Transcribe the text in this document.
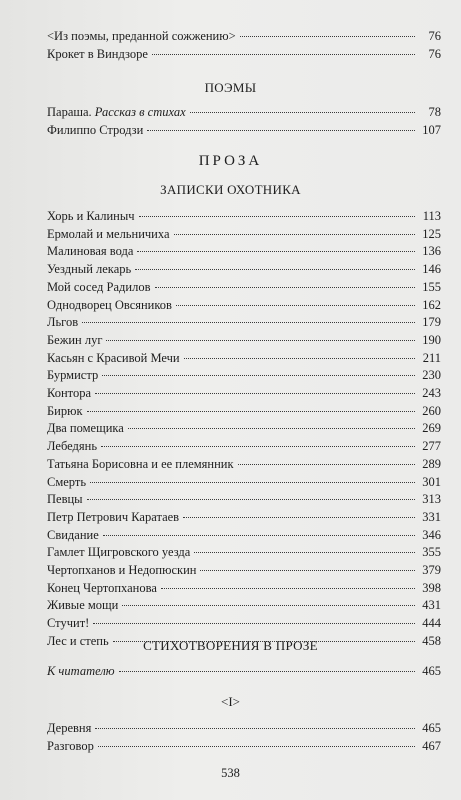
<Из поэмы, преданной сожжению>	76
Крокет в Виндзоре	76
ПОЭМЫ
Параша. Рассказ в стихах	78
Филиппо Стродзи	107
ПРОЗА
ЗАПИСКИ ОХОТНИКА
Хорь и Калиныч	113
Ермолай и мельничиха	125
Малиновая вода	136
Уездный лекарь	146
Мой сосед Радилов	155
Однодворец Овсяников	162
Льгов	179
Бежин луг	190
Касьян с Красивой Мечи	211
Бурмистр	230
Контора	243
Бирюк	260
Два помещика	269
Лебедянь	277
Татьяна Борисовна и ее племянник	289
Смерть	301
Певцы	313
Петр Петрович Каратаев	331
Свидание	346
Гамлет Щигровского уезда	355
Чертопханов и Недопюскин	379
Конец Чертопханова	398
Живые мощи	431
Стучит!	444
Лес и степь	458
СТИХОТВОРЕНИЯ В ПРОЗЕ
К читателю	465
<I>
Деревня	465
Разговор	467
538
